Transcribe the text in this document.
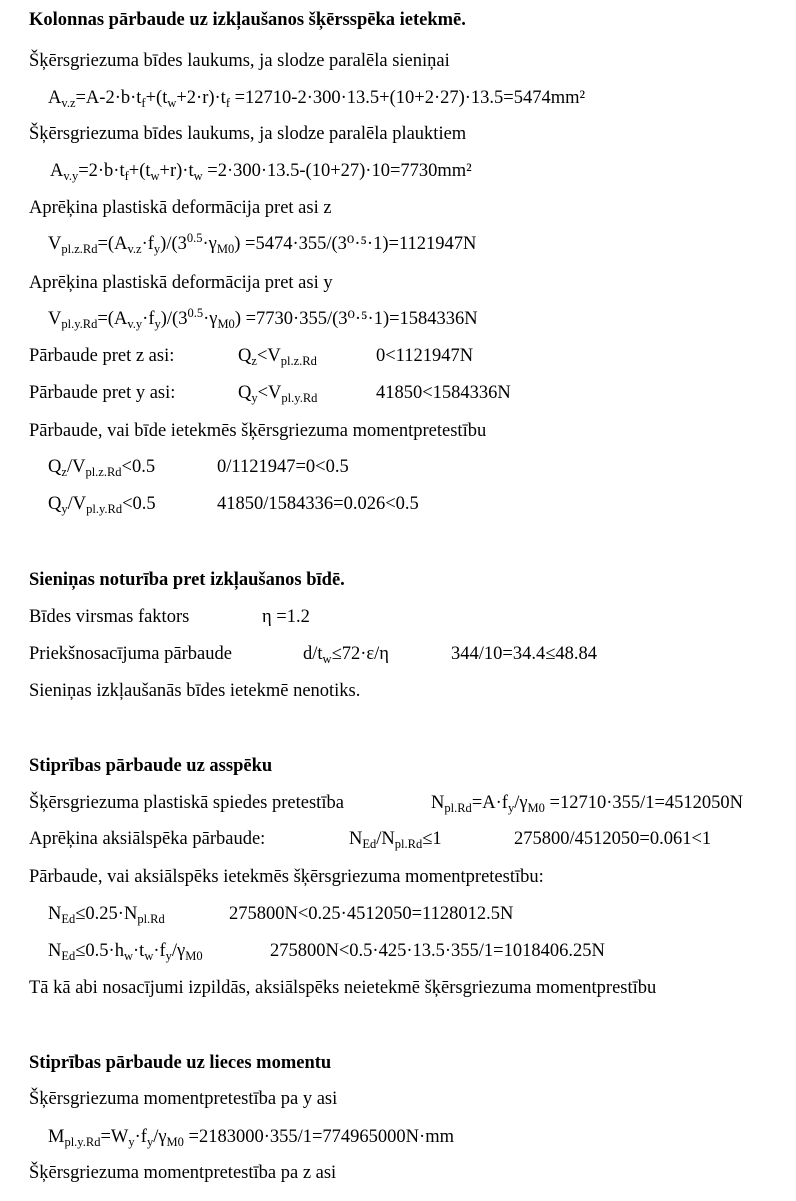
Kolonnas pārbaude uz izkļaušanos šķērsspēka ietekmē.
Šķērsgriezuma bīdes laukums, ja slodze paralēla sieniņai
$A_{v.z}=A-2\cdot b\cdot t_f+(t_w+2\cdot r)\cdot t_f =12710-2\cdot 300\cdot 13.5+(10+2\cdot 27)\cdot 13.5=5474mm^2$
Šķērsgriezuma bīdes laukums, ja slodze paralēla plauktiem
$A_{v.y}=2\cdot b\cdot t_f+(t_w+r)\cdot t_w =2\cdot 300\cdot 13.5-(10+27)\cdot 10=7730mm^2$
Aprēķina plastiskā deformācija pret asi z
$V_{pl.z.Rd}=(A_{v.z}\cdot f_y)/(3^{0.5}\cdot\gamma_{M0}) =5474\cdot 355/(3^0\cdot^5\cdot 1)=1121947N$
Aprēķina plastiskā deformācija pret asi y
$V_{pl.y.Rd}=(A_{v.y}\cdot f_y)/(3^{0.5}\cdot\gamma_{M0}) =7730\cdot 355/(3^0\cdot^5\cdot 1)=1584336N$
Pārbaude pret z asi:	$Q_z<V_{pl.z.Rd}$	0<1121947N
Pārbaude pret y asi:	$Q_y<V_{pl.y.Rd}$	41850<1584336N
Pārbaude, vai bīde ietekmēs šķērsgriezuma momentpretestību
$Q_z/V_{pl.z.Rd}<0.5$	0/1121947=0<0.5
$Q_y/V_{pl.y.Rd}<0.5$	41850/1584336=0.026<0.5
Sieniņas noturība pret izkļaušanos bīdē.
Bīdes virsmas faktors	η =1.2
Priekšnosacījuma pārbaude	$d/t_w\le 72\cdot\varepsilon/\eta$	344/10=34.4≤48.84
Sieniņas izkļaušanās bīdes ietekmē nenotiks.
Stiprības pārbaude uz asspēku
Šķērsgriezuma plastiskā spiedes pretestība	$N_{pl.Rd}=A\cdot f_y/\gamma_{M0} =12710\cdot 355/1=4512050N$
Aprēķina aksiālspēka pārbaude:	$N_{Ed}/N_{pl.Rd}\le 1$	275800/4512050=0.061<1
Pārbaude, vai aksiālspēks ietekmēs šķērsgriezuma momentpretestību:
$N_{Ed}\le 0.25\cdot N_{pl.Rd}$	275800N<0.25·4512050=1128012.5N
$N_{Ed}\le 0.5\cdot h_w\cdot t_w\cdot f_y/\gamma_{M0}$	275800N<0.5·425·13.5·355/1=1018406.25N
Tā kā abi nosacījumi izpildās, aksiālspēks neietekmē šķērsgriezuma momentprestību
Stiprības pārbaude uz lieces momentu
Šķērsgriezuma momentpretestība pa y asi
$M_{pl.y.Rd}=W_y\cdot f_y/\gamma_{M0} =2183000\cdot 355/1=774965000N\cdot mm$
Šķērsgriezuma momentpretestība pa z asi
